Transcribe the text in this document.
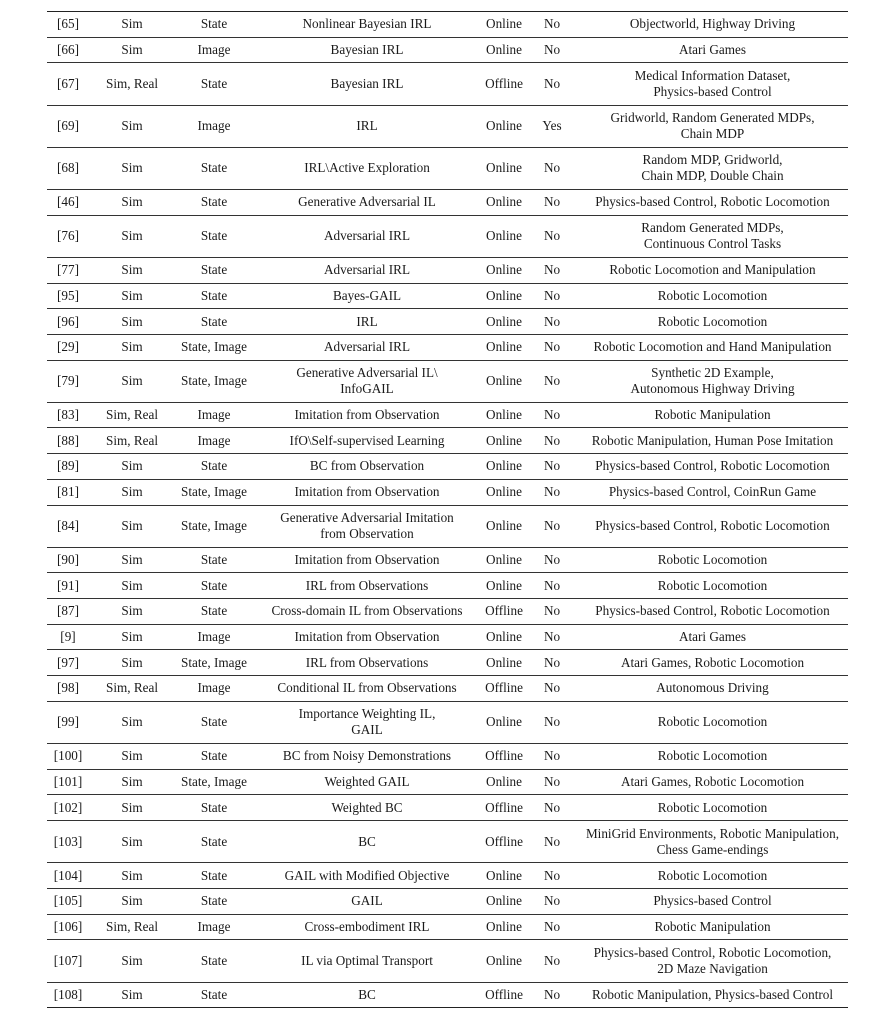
[65]	Sim	State	Nonlinear Bayesian IRL	Online	No	Objectworld, Highway Driving

[66]	Sim	Image	Bayesian IRL	Online	No	Atari Games

[67]	Sim, Real	State	Bayesian IRL	Offline	No	Medical Information Dataset,
Physics-based Control

[69]	Sim	Image	IRL	Online	Yes	Gridworld, Random Generated MDPs,
Chain MDP

[68]	Sim	State	IRL\Active Exploration	Online	No	Random MDP, Gridworld,
Chain MDP, Double Chain

[46]	Sim	State	Generative Adversarial IL	Online	No	Physics-based Control, Robotic Locomotion

[76]	Sim	State	Adversarial IRL	Online	No	Random Generated MDPs,
Continuous Control Tasks

[77]	Sim	State	Adversarial IRL	Online	No	Robotic Locomotion and Manipulation

[95]	Sim	State	Bayes-GAIL	Online	No	Robotic Locomotion

[96]	Sim	State	IRL	Online	No	Robotic Locomotion

[29]	Sim	State, Image	Adversarial IRL	Online	No	Robotic Locomotion and Hand Manipulation

[79]	Sim	State, Image	Generative Adversarial IL\
InfoGAIL	Online	No	Synthetic 2D Example,
Autonomous Highway Driving

[83]	Sim, Real	Image	Imitation from Observation	Online	No	Robotic Manipulation

[88]	Sim, Real	Image	IfO\Self-supervised Learning	Online	No	Robotic Manipulation, Human Pose Imitation

[89]	Sim	State	BC from Observation	Online	No	Physics-based Control, Robotic Locomotion

[81]	Sim	State, Image	Imitation from Observation	Online	No	Physics-based Control, CoinRun Game

[84]	Sim	State, Image	Generative Adversarial Imitation
from Observation	Online	No	Physics-based Control, Robotic Locomotion

[90]	Sim	State	Imitation from Observation	Online	No	Robotic Locomotion

[91]	Sim	State	IRL from Observations	Online	No	Robotic Locomotion

[87]	Sim	State	Cross-domain IL from Observations	Offline	No	Physics-based Control, Robotic Locomotion

[9]	Sim	Image	Imitation from Observation	Online	No	Atari Games

[97]	Sim	State, Image	IRL from Observations	Online	No	Atari Games, Robotic Locomotion

[98]	Sim, Real	Image	Conditional IL from Observations	Offline	No	Autonomous Driving

[99]	Sim	State	Importance Weighting IL,
GAIL	Online	No	Robotic Locomotion

[100]	Sim	State	BC from Noisy Demonstrations	Offline	No	Robotic Locomotion

[101]	Sim	State, Image	Weighted GAIL	Online	No	Atari Games, Robotic Locomotion

[102]	Sim	State	Weighted BC	Offline	No	Robotic Locomotion

[103]	Sim	State	BC	Offline	No	MiniGrid Environments, Robotic Manipulation,
Chess Game-endings

[104]	Sim	State	GAIL with Modified Objective	Online	No	Robotic Locomotion

[105]	Sim	State	GAIL	Online	No	Physics-based Control

[106]	Sim, Real	Image	Cross-embodiment IRL	Online	No	Robotic Manipulation

[107]	Sim	State	IL via Optimal Transport	Online	No	Physics-based Control, Robotic Locomotion,
2D Maze Navigation

[108]	Sim	State	BC	Offline	No	Robotic Manipulation, Physics-based Control
